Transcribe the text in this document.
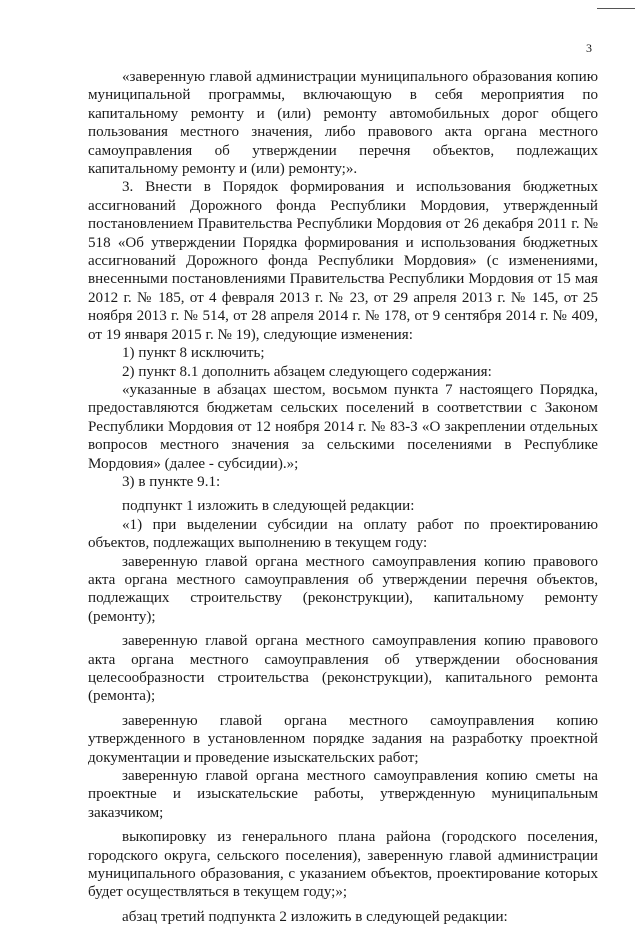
3

«заверенную главой администрации муниципального образования копию муниципальной программы, включающую в себя мероприятия по капитальному ремонту и (или) ремонту автомобильных дорог общего пользования местного значения, либо правового акта органа местного самоуправления об утверждении перечня объектов, подлежащих капитальному ремонту и (или) ремонту;».

3. Внести в Порядок формирования и использования бюджетных ассигнований Дорожного фонда Республики Мордовия, утвержденный постановлением Правительства Республики Мордовия от 26 декабря 2011 г. № 518 «Об утверждении Порядка формирования и использования бюджетных ассигнований Дорожного фонда Республики Мордовия» (с изменениями, внесенными постановлениями Правительства Республики Мордовия от 15 мая 2012 г. № 185, от 4 февраля 2013 г. № 23, от 29 апреля 2013 г. № 145, от 25 ноября 2013 г. № 514, от 28 апреля 2014 г. № 178, от 9 сентября 2014 г. № 409, от 19 января 2015 г. № 19), следующие изменения:

1) пункт 8 исключить;

2) пункт 8.1 дополнить абзацем следующего содержания:

«указанные в абзацах шестом, восьмом пункта 7 настоящего Порядка, предоставляются бюджетам сельских поселений в соответствии с Законом Республики Мордовия от 12 ноября 2014 г. № 83-З «О закреплении отдельных вопросов местного значения за сельскими поселениями в Республике Мордовия» (далее - субсидии).»;

3) в пункте 9.1:

подпункт 1 изложить в следующей редакции:

«1) при выделении субсидии на оплату работ по проектированию объектов, подлежащих выполнению в текущем году:

заверенную главой органа местного самоуправления копию правового акта органа местного самоуправления об утверждении перечня объектов, подлежащих строительству (реконструкции), капитальному ремонту (ремонту);

заверенную главой органа местного самоуправления копию правового акта органа местного самоуправления об утверждении обоснования целесообразности строительства (реконструкции), капитального ремонта (ремонта);

заверенную главой органа местного самоуправления копию утвержденного в установленном порядке задания на разработку проектной документации и проведение изыскательских работ;

заверенную главой органа местного самоуправления копию сметы на проектные и изыскательские работы, утвержденную муниципальным заказчиком;

выкопировку из генерального плана района (городского поселения, городского округа, сельского поселения), заверенную главой администрации муниципального образования, с указанием объектов, проектирование которых будет осуществляться в текущем году;»;

абзац третий подпункта 2 изложить в следующей редакции:
